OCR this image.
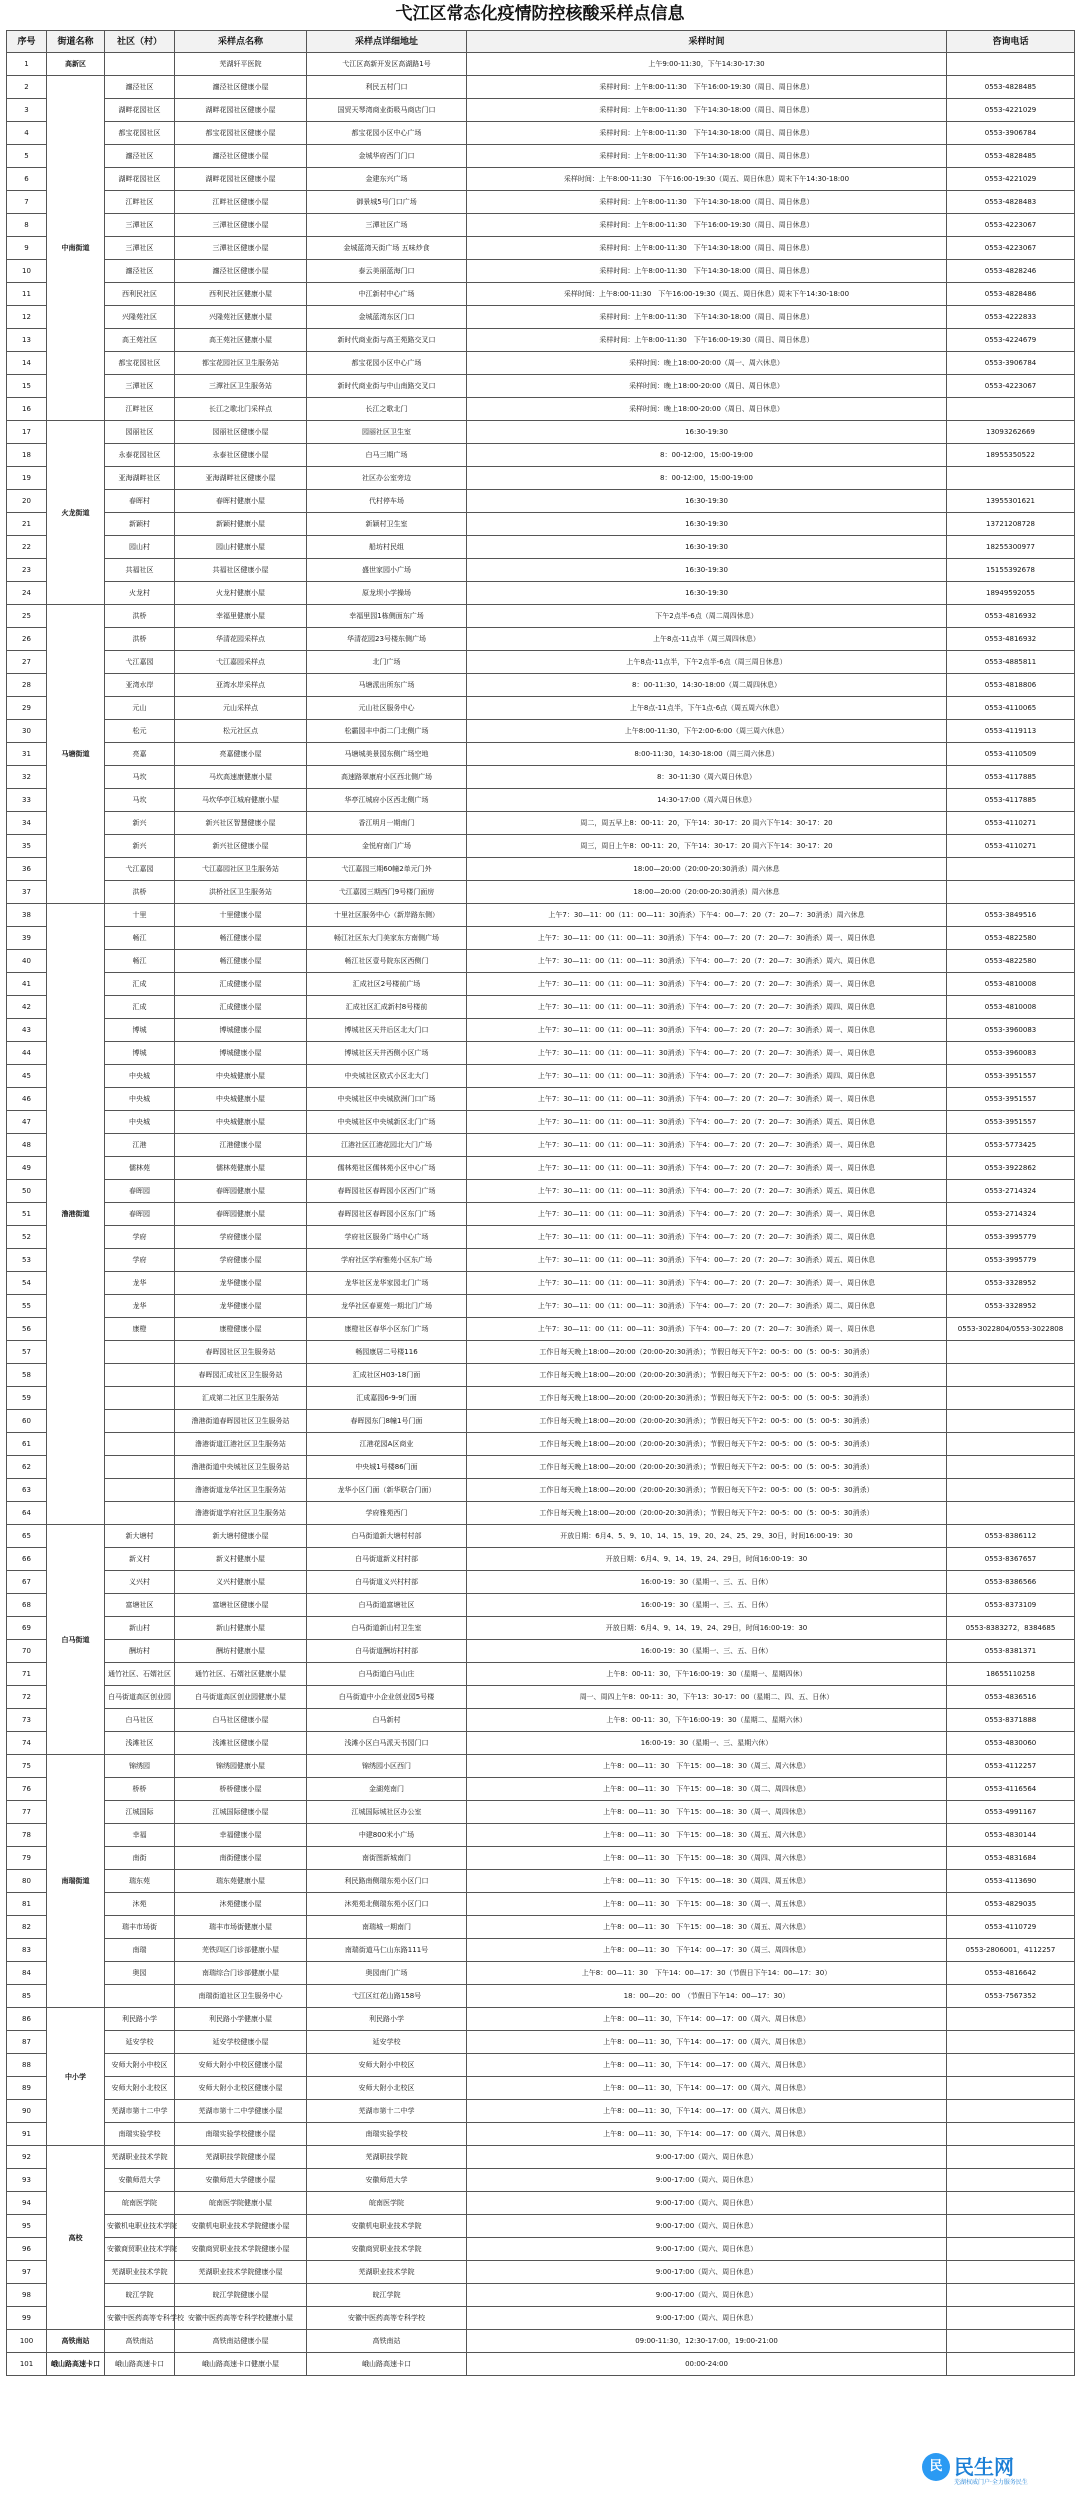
弋江区常态化疫情防控核酸采样点信息
序号	街道名称	社区（村）	采样点名称	采样点详细地址	采样时间	咨询电话
1	高新区		芜湖轩平医院	弋江区高新开发区高湖路1号	上午9:00-11:30，下午14:30-17:30	
2	中南街道	瀍泾社区	瀍泾社区健康小屋	利民五村门口	采样时间：上午8:00-11:30　下午16:00-19:30（周日、周日休息）	0553-4828485
3		湖畔花园社区	湖畔花园社区健康小屋	国贸天琴湾商业街吸马商店门口	采样时间：上午8:00-11:30　下午14:30-18:00（周日、周日休息）	0553-4221029
4		都宝花园社区	都宝花园社区健康小屋	都宝花园小区中心广场	采样时间：上午8:00-11:30　下午14:30-18:00（周日、周日休息）	0553-3906784
5		瀍泾社区	瀍泾社区健康小屋	金城华府西门门口	采样时间：上午8:00-11:30　下午14:30-18:00（周日、周日休息）	0553-4828485
6		湖畔花园社区	湖畔花园社区健康小屋	金建东兴广场	采样时间：上午8:00-11:30　下午16:00-19:30（周五、周日休息）周末下午14:30-18:00	0553-4221029
7		江畔社区	江畔社区健康小屋	御景城5号门口广场	采样时间：上午8:00-11:30　下午14:30-18:00（周日、周日休息）	0553-4828483
8		三潭社区	三潭社区健康小屋	三潭社区广场	采样时间：上午8:00-11:30　下午16:00-19:30（周日、周日休息）	0553-4223067
9		三潭社区	三潭社区健康小屋	金城蓝湾天街广场 五味炒食	采样时间：上午8:00-11:30　下午14:30-18:00（周日、周日休息）	0553-4223067
10		瀍泾社区	瀍泾社区健康小屋	泰云美丽蓝海门口	采样时间：上午8:00-11:30　下午14:30-18:00（周日、周日休息）	0553-4828246
11		西利民社区	西利民社区健康小屋	中江新村中心广场	采样时间：上午8:00-11:30　下午16:00-19:30（周五、周日休息）周末下午14:30-18:00	0553-4828486
12		兴隆苑社区	兴隆苑社区健康小屋	金城蓝湾东区门口	采样时间：上午8:00-11:30　下午14:30-18:00（周日、周日休息）	0553-4222833
13		高王苑社区	高王苑社区健康小屋	新时代商业街与高王苑路交叉口	采样时间：上午8:00-11:30　下午16:00-19:30（周日、周日休息）	0553-4224679
14		都宝花园社区	都宝花园社区卫生服务站	都宝花园小区中心广场	采样时间：晚上18:00-20:00（周一、周六休息）	0553-3906784
15		三潭社区	三潭社区卫生服务站	新时代商业街与中山南路交叉口	采样时间：晚上18:00-20:00（周日、周日休息）	0553-4223067
16		江畔社区	长江之歌北门采样点	长江之歌北门	采样时间：晚上18:00-20:00（周日、周日休息）	
17	火龙街道	园丽社区	园丽社区健康小屋	园丽社区卫生室	16:30-19:30	13093262669
18		永泰花园社区	永泰社区健康小屋	白马三期广场	8：00-12:00，15:00-19:00	18955350522
19		亚海湖畔社区	亚海湖畔社区健康小屋	社区办公室旁边	8：00-12:00，15:00-19:00	
20		春晖村	春晖村健康小屋	代村停车场	16:30-19:30	13955301621
21		新颖村	新颖村健康小屋	新颖村卫生室	16:30-19:30	13721208728
22		园山村	园山村健康小屋	船坊村民组	16:30-19:30	18255300977
23		共福社区	共福社区健康小屋	盛世家园小广场	16:30-19:30	15155392678
24		火龙村	火龙村健康小屋	原龙坝小学操场	16:30-19:30	18949592055
25	马塘街道	洪桥	幸福里健康小屋	幸福里园1栋侧面东广场	下午2点半-6点（周二周四休息）	0553-4816932
26		洪桥	华清花园采样点	华清花园23号楼东侧广场	上午8点-11点半（周三周四休息）	0553-4816932
27		弋江嘉园	弋江嘉园采样点	北门广场	上午8点-11点半，下午2点半-6点（周三周日休息）	0553-4885811
28		亚湾水岸	亚湾水岸采样点	马塘派出所东广场	8：00-11:30，14:30-18:00（周二周四休息）	0553-4818806
29		元山	元山采样点	元山社区服务中心	上午8点-11点半，下午1点-6点（周五周六休息）	0553-4110065
30		松元	松元社区点	松霸园丰中街二门北侧广场	上午8:00-11:30，下午2:00-6:00（周三周六休息）	0553-4119113
31		亮嘉	亮嘉健康小屋	马塘城美景园东侧广场空地	8:00-11:30，14:30-18:00（周三周六休息）	0553-4110509
32		马坎	马坎高速康健康小屋	高速路翠康府小区西北侧广场	8：30-11:30（周六周日休息）	0553-4117885
33		马坎	马坎华亭江城府健康小屋	华亭江城府小区西北侧广场	14:30-17:00（周六周日休息）	0553-4117885
34		新兴	新兴社区智慧健康小屋	香江明月一期南门	周二，周五早上8：00-11：20，下午14：30-17：20 周六下午14：30-17：20	0553-4110271
35		新兴	新兴社区健康小屋	金悦府南门广场	周三，周日上午8：00-11：20，下午14：30-17：20 周六下午14：30-17：20	0553-4110271
36		弋江嘉园	弋江嘉园社区卫生服务站	弋江嘉园三期60幢2单元门外	18:00—20:00（20:00-20:30消杀）周六休息	
37		洪桥	洪桥社区卫生服务站	弋江嘉园三期西门9号楼门面房	18:00—20:00（20:00-20:30消杀）周六休息	
38	澛港街道	十里	十里健康小屋	十里社区服务中心（新岸路东侧）	上午7：30—11：00（11：00—11：30消杀）下午4：00—7：20（7：20—7：30消杀）周六休息	0553-3849516
39		畅江	畅江健康小屋	畅江社区东大门美家东方南侧广场	上午7：30—11：00（11：00—11：30消杀）下午4：00—7：20（7：20—7：30消杀）周一、周日休息	0553-4822580
40		畅江	畅江健康小屋	畅江社区壹号院东区西侧门	上午7：30—11：00（11：00—11：30消杀）下午4：00—7：20（7：20—7：30消杀）周六、周日休息	0553-4822580
41		汇成	汇成健康小屋	汇成社区2号楼前广场	上午7：30—11：00（11：00—11：30消杀）下午4：00—7：20（7：20—7：30消杀）周一、周日休息	0553-4810008
42		汇成	汇成健康小屋	汇成社区汇成新村8号楼前	上午7：30—11：00（11：00—11：30消杀）下午4：00—7：20（7：20—7：30消杀）周四、周日休息	0553-4810008
43		博城	博城健康小屋	博城社区天井后区北大门口	上午7：30—11：00（11：00—11：30消杀）下午4：00—7：20（7：20—7：30消杀）周一、周日休息	0553-3960083
44		博城	博城健康小屋	博城社区天井西侧小区广场	上午7：30—11：00（11：00—11：30消杀）下午4：00—7：20（7：20—7：30消杀）周一、周日休息	0553-3960083
45		中央城	中央城健康小屋	中央城社区欧式小区北大门	上午7：30—11：00（11：00—11：30消杀）下午4：00—7：20（7：20—7：30消杀）周四、周日休息	0553-3951557
46		中央城	中央城健康小屋	中央城社区中央城欧洲门口广场	上午7：30—11：00（11：00—11：30消杀）下午4：00—7：20（7：20—7：30消杀）周一、周日休息	0553-3951557
47		中央城	中央城健康小屋	中央城社区中央城新区北门广场	上午7：30—11：00（11：00—11：30消杀）下午4：00—7：20（7：20—7：30消杀）周五、周日休息	0553-3951557
48		江港	江港健康小屋	江港社区江港花园北大门广场	上午7：30—11：00（11：00—11：30消杀）下午4：00—7：20（7：20—7：30消杀）周一、周日休息	0553-5773425
49		儒林苑	儒林苑健康小屋	儒林苑社区儒林苑小区中心广场	上午7：30—11：00（11：00—11：30消杀）下午4：00—7：20（7：20—7：30消杀）周一、周日休息	0553-3922862
50		春晖园	春晖园健康小屋	春晖园社区春晖园小区西门广场	上午7：30—11：00（11：00—11：30消杀）下午4：00—7：20（7：20—7：30消杀）周五、周日休息	0553-2714324
51		春晖园	春晖园健康小屋	春晖园社区春晖园小区东门广场	上午7：30—11：00（11：00—11：30消杀）下午4：00—7：20（7：20—7：30消杀）周一、周日休息	0553-2714324
52		学府	学府健康小屋	学府社区服务广场中心广场	上午7：30—11：00（11：00—11：30消杀）下午4：00—7：20（7：20—7：30消杀）周二、周日休息	0553-3995779
53		学府	学府健康小屋	学府社区学府雅苑小区东广场	上午7：30—11：00（11：00—11：30消杀）下午4：00—7：20（7：20—7：30消杀）周五、周日休息	0553-3995779
54		龙华	龙华健康小屋	龙华社区龙华家园北门广场	上午7：30—11：00（11：00—11：30消杀）下午4：00—7：20（7：20—7：30消杀）周一、周日休息	0553-3328952
55		龙华	龙华健康小屋	龙华社区春夏苑一期北门广场	上午7：30—11：00（11：00—11：30消杀）下午4：00—7：20（7：20—7：30消杀）周二、周日休息	0553-3328952
56		康橙	康橙健康小屋	康橙社区春华小区东门广场	上午7：30—11：00（11：00—11：30消杀）下午4：00—7：20（7：20—7：30消杀）周一、周日休息	0553-3022804/0553-3022808
57			春晖园社区卫生服务站	畅园康居二号楼116	工作日每天晚上18:00—20:00（20:00-20:30消杀）；节假日每天下午2：00-5：00（5：00-5：30消杀）	
58			春晖园汇成社区卫生服务站	汇成社区H03-18门面	工作日每天晚上18:00—20:00（20:00-20:30消杀）；节假日每天下午2：00-5：00（5：00-5：30消杀）	
59			汇成第二社区卫生服务站	汇成嘉园6-9-9门面	工作日每天晚上18:00—20:00（20:00-20:30消杀）；节假日每天下午2：00-5：00（5：00-5：30消杀）	
60			澛港街道春晖园社区卫生服务站	春晖园东门8幢1号门面	工作日每天晚上18:00—20:00（20:00-20:30消杀）；节假日每天下午2：00-5：00（5：00-5：30消杀）	
61			澛港街道江港社区卫生服务站	江港花园A区商业	工作日每天晚上18:00—20:00（20:00-20:30消杀）；节假日每天下午2：00-5：00（5：00-5：30消杀）	
62			澛港街道中央城社区卫生服务站	中央城1号楼86门面	工作日每天晚上18:00—20:00（20:00-20:30消杀）；节假日每天下午2：00-5：00（5：00-5：30消杀）	
63			澛港街道龙华社区卫生服务站	龙华小区门面（新华联合门面）	工作日每天晚上18:00—20:00（20:00-20:30消杀）；节假日每天下午2：00-5：00（5：00-5：30消杀）	
64			澛港街道学府社区卫生服务站	学府雅苑西门	工作日每天晚上18:00—20:00（20:00-20:30消杀）；节假日每天下午2：00-5：00（5：00-5：30消杀）	
65	白马街道	新大塘村	新大塘村健康小屋	白马街道新大塘村村部	开放日期：6月4、5、9、10、14、15、19、20、24、25、29、30日，时间16:00-19：30	0553-8386112
66		新义村	新义村健康小屋	白马街道新义村村部	开放日期：6月4、9、14、19、24、29日，时间16:00-19：30	0553-8367657
67		义兴村	义兴村健康小屋	白马街道义兴村村部	16:00-19：30（星期一、三、五、日休）	0553-8386566
68		富塘社区	富塘社区健康小屋	白马街道富塘社区	16:00-19：30（星期一、三、五、日休）	0553-8373109
69		新山村	新山村健康小屋	白马街道新山村卫生室	开放日期：6月4、9、14、19、24、29日，时间16:00-19：30	0553-8383272，8384685
70		酬坊村	酬坊村健康小屋	白马街道酬坊村村部	16:00-19：30（星期一、三、五、日休）	0553-8381371
71		通竹社区、石婿社区	通竹社区、石婿社区健康小屋	白马街道白马山庄	上午8：00-11：30，下午16:00-19：30（星期一、星期四休）	18655110258
72		白马街道高区创业园	白马街道高区创业园健康小屋	白马街道中小企业创业园5号楼	周一、周四上午8：00-11：30，下午13：30-17：00（星期二、四、五、日休）	0553-4836516
73		白马社区	白马社区健康小屋	白马新村	上午8：00-11：30，下午16:00-19：30（星期二、星期六休）	0553-8371888
74		浅滩社区	浅滩社区健康小屋	浅滩小区白马派天书园门口	16:00-19：30（星期一、三、星期六休）	0553-4830060
75	南瑞街道	锦绣园	锦绣园健康小屋	锦绣园小区西门	上午8：00—11：30　下午15：00—18：30（周三、周六休息）	0553-4112257
76		桥桥	桥桥健康小屋	金湖苑南门	上午8：00—11：30　下午15：00—18：30（周二、周四休息）	0553-4116564
77		江城国际	江城国际健康小屋	江城国际城社区办公室	上午8：00—11：30　下午15：00—18：30（周一、周四休息）	0553-4991167
78		幸福	幸福健康小屋	中建800米小广场	上午8：00—11：30　下午15：00—18：30（周五、周六休息）	0553-4830144
79		南街	南街健康小屋	南街图新城南门	上午8：00—11：30　下午15：00—18：30（周四、周六休息）	0553-4831684
80		瑞东苑	瑞东苑健康小屋	利民路南侧瑞东苑小区门口	上午8：00—11：30　下午15：00—18：30（周四、周五休息）	0553-4113690
81		沐苑	沐苑健康小屋	沐苑苑北侧瑞东苑小区门口	上午8：00—11：30　下午15：00—18：30（周一、周五休息）	0553-4829035
82		瑞丰市场街	瑞丰市场街健康小屋	南瑞城一期南门	上午8：00—11：30　下午15：00—18：30（周五、周六休息）	0553-4110729
83		南瑞	芜铁四区门诊部健康小屋	南瑞街道马仁山东路111号	上午8：00—11：30　下午14：00—17：30（周三、周四休息）	0553-2806001，4112257
84		奥园	南瑞综合门诊部健康小屋	奥园南门广场	上午8：00—11：30　下午14：00—17：30（节假日下午14：00—17：30）	0553-4816642
85			南瑞街道社区卫生服务中心	弋江区红花山路158号	18：00—20：00　（节假日下午14：00—17：30）	0553-7567352
86	中小学	利民路小学	利民路小学健康小屋	利民路小学	上午8：00—11：30，下午14：00—17：00（周六、周日休息）	
87		延安学校	延安学校健康小屋	延安学校	上午8：00—11：30，下午14：00—17：00（周六、周日休息）	
88		安师大附小中校区	安师大附小中校区健康小屋	安师大附小中校区	上午8：00—11：30，下午14：00—17：00（周六、周日休息）	
89		安师大附小北校区	安师大附小北校区健康小屋	安师大附小北校区	上午8：00—11：30，下午14：00—17：00（周六、周日休息）	
90		芜湖市第十二中学	芜湖市第十二中学健康小屋	芜湖市第十二中学	上午8：00—11：30，下午14：00—17：00（周六、周日休息）	
91		南瑞实验学校	南瑞实验学校健康小屋	南瑞实验学校	上午8：00—11：30，下午14：00—17：00（周六、周日休息）	
92	高校	芜湖职业技术学院	芜湖职技学院健康小屋	芜湖职技学院	9:00-17:00（周六、周日休息）	
93		安徽师范大学	安徽师范大学健康小屋	安徽师范大学	9:00-17:00（周六、周日休息）	
94		皖南医学院	皖南医学院健康小屋	皖南医学院	9:00-17:00（周六、周日休息）	
95		安徽机电职业技术学院	安徽机电职业技术学院健康小屋	安徽机电职业技术学院	9:00-17:00（周六、周日休息）	
96		安徽商贸职业技术学院	安徽商贸职业技术学院健康小屋	安徽商贸职业技术学院	9:00-17:00（周六、周日休息）	
97		芜湖职业技术学院	芜湖职业技术学院健康小屋	芜湖职业技术学院	9:00-17:00（周六、周日休息）	
98		皖江学院	皖江学院健康小屋	皖江学院	9:00-17:00（周六、周日休息）	
99		安徽中医药高等专科学校	安徽中医药高等专科学校健康小屋	安徽中医药高等专科学校	9:00-17:00（周六、周日休息）	
100	高铁南站	高铁南站	高铁南站健康小屋	高铁南站	09:00-11:30，12:30-17:00，19:00-21:00	
101	峨山路高速卡口	峨山路高速卡口	峨山路高速卡口健康小屋	峨山路高速卡口	00:00-24:00	
民 民生网
芜湖权威门户·全力服务民生
